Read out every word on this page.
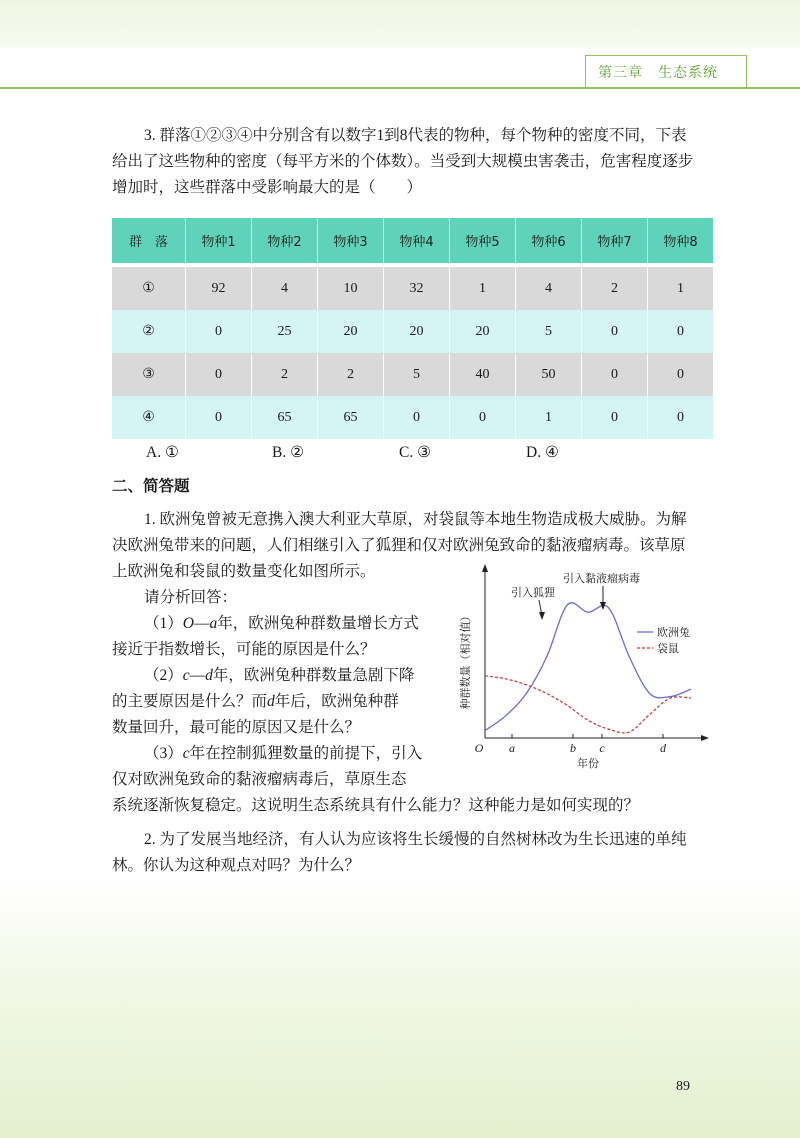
第三章　生态系统

3. 群落①②③④中分别含有以数字1到8代表的物种，每个物种的密度不同，下表

给出了这些物种的密度（每平方米的个体数）。当受到大规模虫害袭击，危害程度逐步

增加时，这些群落中受影响最大的是（　　）

群　落	物种1	物种2	物种3	物种4	物种5	物种6	物种7	物种8

①	92	4	10	32	1	4	2	1
②	0	25	20	20	20	5	0	0
③	0	2	2	5	40	50	0	0
④	0	65	65	0	0	1	0	0
A. ①	B. ②	C. ③	D. ④
二、简答题

1. 欧洲兔曾被无意携入澳大利亚大草原，对袋鼠等本地生物造成极大威胁。为解

决欧洲兔带来的问题，人们相继引入了狐狸和仅对欧洲兔致命的黏液瘤病毒。该草原

上欧洲兔和袋鼠的数量变化如图所示。

请分析回答：

（1）O—a年，欧洲兔种群数量增长方式

接近于指数增长，可能的原因是什么？

（2）c—d年，欧洲兔种群数量急剧下降

的主要原因是什么？而d年后，欧洲兔种群

数量回升，最可能的原因又是什么？

（3）c年在控制狐狸数量的前提下，引入

仅对欧洲兔致命的黏液瘤病毒后，草原生态

系统逐渐恢复稳定。这说明生态系统具有什么能力？这种能力是如何实现的？

2. 为了发展当地经济，有人认为应该将生长缓慢的自然树林改为生长迅速的单纯

林。你认为这种观点对吗？为什么？

种群数量（相对值）
年份
O a	b c	d
引入狐狸
引入黏液瘤病毒
欧洲兔
袋鼠
89
